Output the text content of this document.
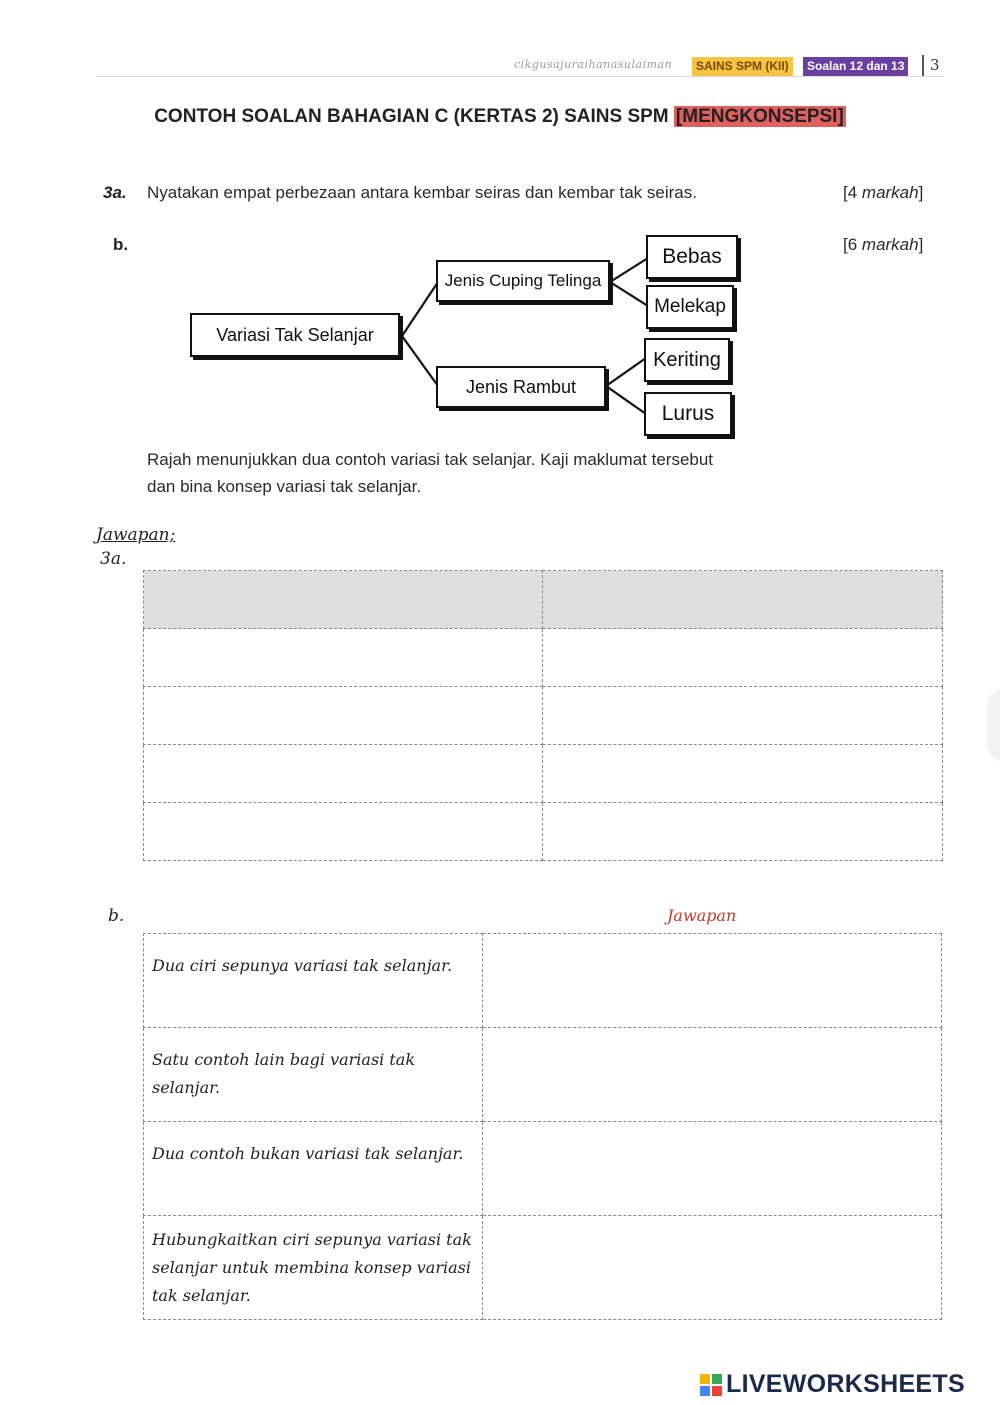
cikgusajuraihanasulaiman	SAINS SPM (KII)	Soalan 12 dan 13 3
CONTOH SOALAN BAHAGIAN C (KERTAS 2) SAINS SPM [MENGKONSEPSI]
3a. Nyatakan empat perbezaan antara kembar seiras dan kembar tak seiras.	[4 markah]
b.	[6 markah]
Variasi Tak Selanjar
Jenis Cuping Telinga
Bebas
Melekap
Jenis Rambut
Keriting
Lurus
Rajah menunjukkan dua contoh variasi tak selanjar. Kaji maklumat tersebut
dan bina konsep variasi tak selanjar.
Jawapan;
3a.

b.	Jawapan
Dua ciri sepunya variasi tak selanjar.	
Satu contoh lain bagi variasi tak selanjar.	
Dua contoh bukan variasi tak selanjar.	
Hubungkaitkan ciri sepunya variasi tak selanjar untuk membina konsep variasi tak selanjar.	
LIVEWORKSHEETS
